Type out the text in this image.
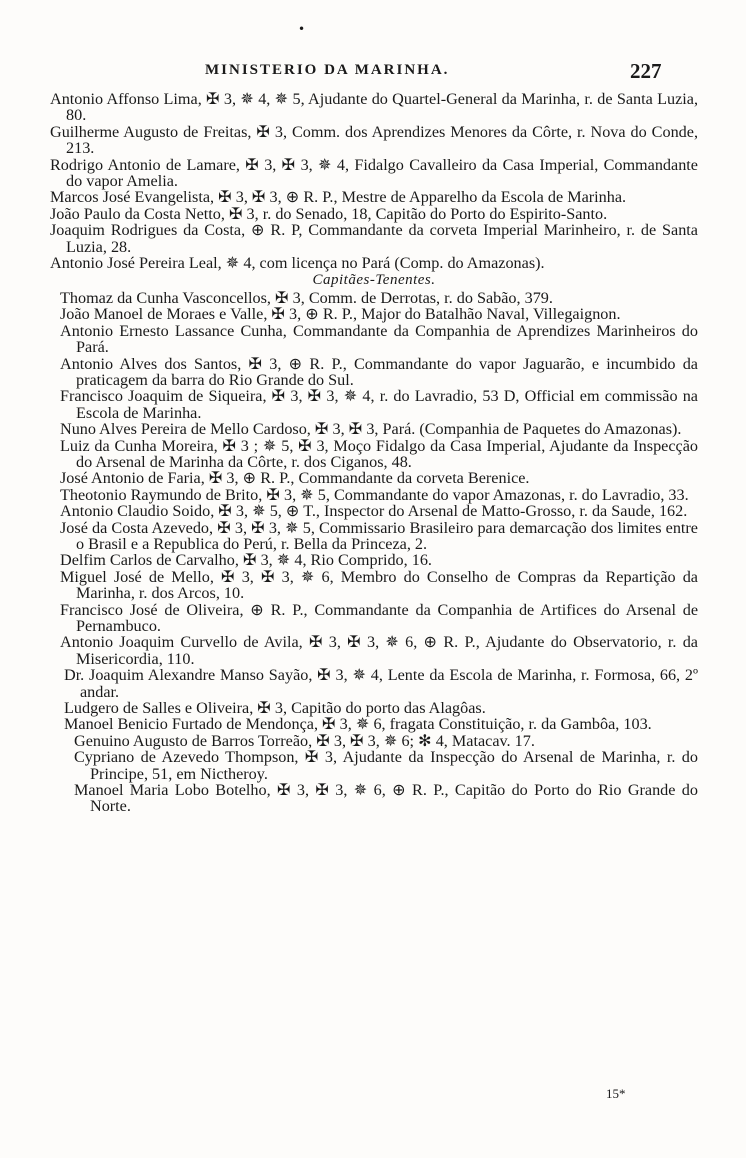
•
MINISTERIO DA MARINHA.	227

Antonio Affonso Lima, ✠ 3, ✵ 4, ✵ 5, Ajudante do Quartel-General da Marinha, r. de Santa Luzia, 80.

Guilherme Augusto de Freitas, ✠ 3, Comm. dos Aprendizes Menores da Côrte, r. Nova do Conde, 213.

Rodrigo Antonio de Lamare, ✠ 3, ✠ 3, ✵ 4, Fidalgo Cavalleiro da Casa Imperial, Commandante do vapor Amelia.

Marcos José Evangelista, ✠ 3, ✠ 3, ⊕ R. P., Mestre de Apparelho da Escola de Marinha.

João Paulo da Costa Netto, ✠ 3, r. do Senado, 18, Capitão do Porto do Espirito-Santo.

Joaquim Rodrigues da Costa, ⊕ R. P, Commandante da corveta Imperial Marinheiro, r. de Santa Luzia, 28.

Antonio José Pereira Leal, ✵ 4, com licença no Pará (Comp. do Amazonas).

Capitães-Tenentes.

Thomaz da Cunha Vasconcellos, ✠ 3, Comm. de Derrotas, r. do Sabão, 379.

João Manoel de Moraes e Valle, ✠ 3, ⊕ R. P., Major do Batalhão Naval, Villegaignon.

Antonio Ernesto Lassance Cunha, Commandante da Companhia de Aprendizes Marinheiros do Pará.

Antonio Alves dos Santos, ✠ 3, ⊕ R. P., Commandante do vapor Jaguarão, e incumbido da praticagem da barra do Rio Grande do Sul.

Francisco Joaquim de Siqueira, ✠ 3, ✠ 3, ✵ 4, r. do Lavradio, 53 D, Official em commissão na Escola de Marinha.

Nuno Alves Pereira de Mello Cardoso, ✠ 3, ✠ 3, Pará. (Companhia de Paquetes do Amazonas).

Luiz da Cunha Moreira, ✠ 3 ; ✵ 5, ✠ 3, Moço Fidalgo da Casa Imperial, Ajudante da Inspecção do Arsenal de Marinha da Côrte, r. dos Ciganos, 48.

José Antonio de Faria, ✠ 3, ⊕ R. P., Commandante da corveta Berenice.

Theotonio Raymundo de Brito, ✠ 3, ✵ 5, Commandante do vapor Amazonas, r. do Lavradio, 33.

Antonio Claudio Soido, ✠ 3, ✵ 5, ⊕ T., Inspector do Arsenal de Matto-Grosso, r. da Saude, 162.

José da Costa Azevedo, ✠ 3, ✠ 3, ✵ 5, Commissario Brasileiro para demarcação dos limites entre o Brasil e a Republica do Perú, r. Bella da Princeza, 2.

Delfim Carlos de Carvalho, ✠ 3, ✵ 4, Rio Comprido, 16.

Miguel José de Mello, ✠ 3, ✠ 3, ✵ 6, Membro do Conselho de Compras da Repartição da Marinha, r. dos Arcos, 10.

Francisco José de Oliveira, ⊕ R. P., Commandante da Companhia de Artifices do Arsenal de Pernambuco.

Antonio Joaquim Curvello de Avila, ✠ 3, ✠ 3, ✵ 6, ⊕ R. P., Ajudante do Observatorio, r. da Misericordia, 110.

Dr. Joaquim Alexandre Manso Sayão, ✠ 3, ✵ 4, Lente da Escola de Marinha, r. Formosa, 66, 2º andar.

Ludgero de Salles e Oliveira, ✠ 3, Capitão do porto das Alagôas.

Manoel Benicio Furtado de Mendonça, ✠ 3, ✵ 6, fragata Constituição, r. da Gambôa, 103.

Genuino Augusto de Barros Torreão, ✠ 3, ✠ 3, ✵ 6; ✻ 4, Matacav. 17.

Cypriano de Azevedo Thompson, ✠ 3, Ajudante da Inspecção do Arsenal de Marinha, r. do Principe, 51, em Nictheroy.

Manoel Maria Lobo Botelho, ✠ 3, ✠ 3, ✵ 6, ⊕ R. P., Capitão do Porto do Rio Grande do Norte.

15*
